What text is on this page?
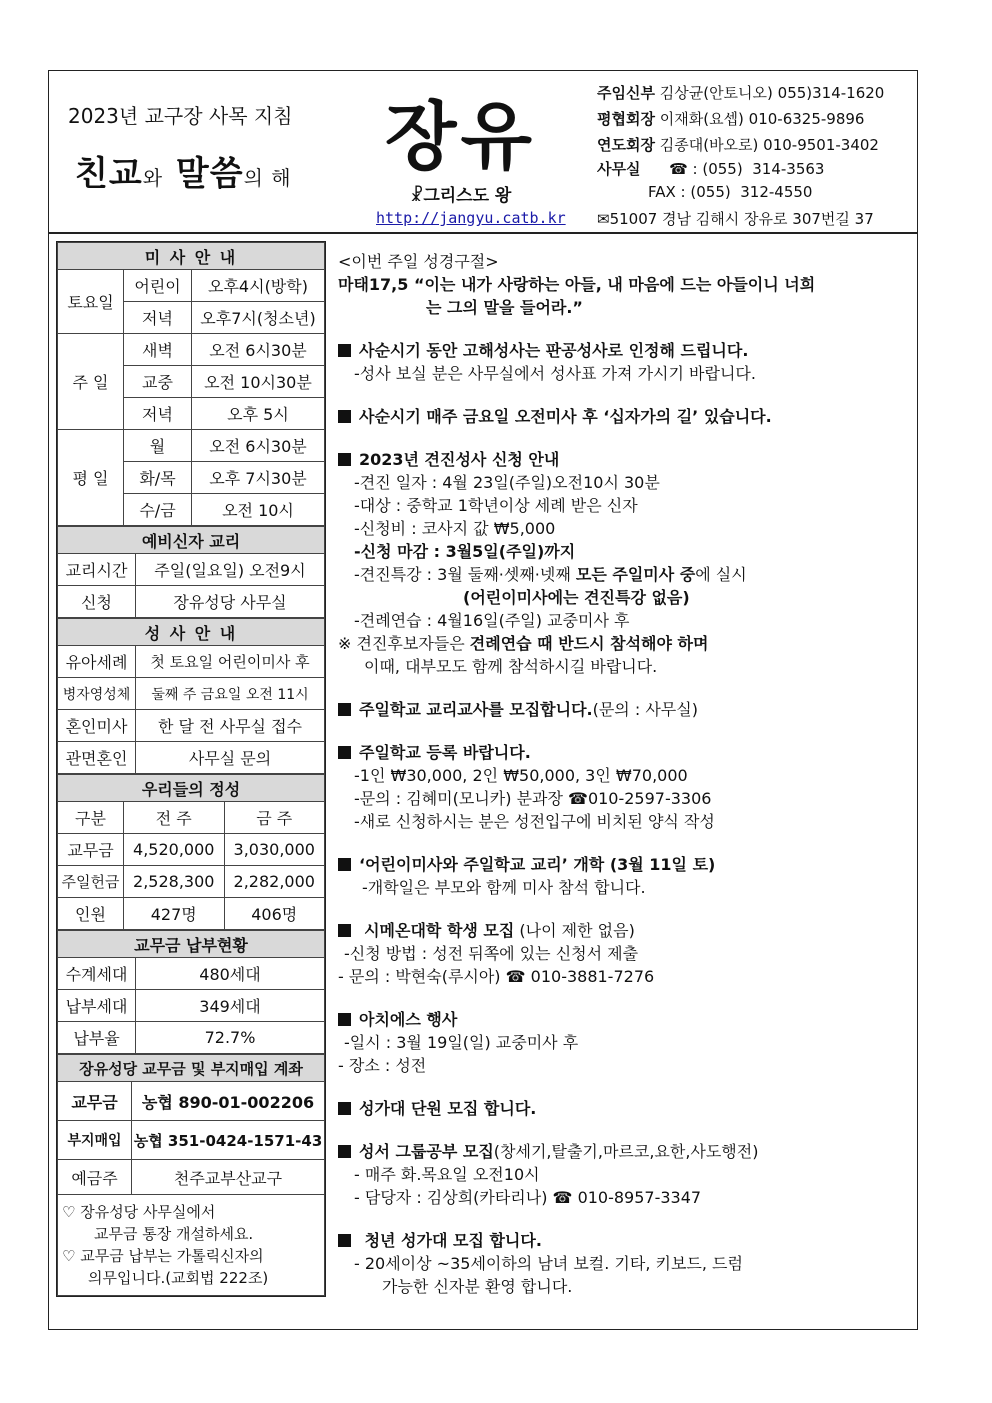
2023년 교구장 사목 지침
친교와 말씀의 해 장유
☧그리스도 왕
http://jangyu.catb.kr
주임신부 김상균(안토니오) 055)314-1620
평협회장 이재화(요셉) 010-6325-9896
연도회장 김종대(바오로) 010-9501-3402
사무실 ☎ : (055)  314-3563
FAX : (055)  312-4550
✉51007 경남 김해시 장유로 307번길 37
미 사 안 내		
토요일	어린이	오후4시(방학)
	저녁	오후7시(청소년)
주 일	새벽	오전 6시30분
	교중	오전 10시30분
	저녁	오후 5시
평 일	월	오전 6시30분
	화/목	오후 7시30분
	수/금	오전 10시
예비신자 교리	
교리시간	주일(일요일) 오전9시
신청	장유성당 사무실
성 사 안 내	
유아세례	첫 토요일 어린이미사 후
병자영성체	둘째 주 금요일 오전 11시
혼인미사	한 달 전 사무실 접수
관면혼인	사무실 문의
우리들의 정성		
구분	전 주	금 주
교무금	4,520,000	3,030,000
주일헌금	2,528,300	2,282,000
인원	427명	406명
교무금 납부현황	
수계세대	480세대
납부세대	349세대
납부율	72.7%
장유성당 교무금 및 부지매입 계좌	
교무금	농협 890-01-002206
부지매입	농협 351-0424-1571-43
예금주	천주교부산교구

♡ 장유성당 사무실에서
교무금 통장 개설하세요.
♡ 교무금 납부는 가톨릭신자의
의무입니다.(교회법 222조)	

<이번 주일 성경구절>

마태17,5 “이는 내가 사랑하는 아들, 내 마음에 드는 아들이니 너희

는 그의 말을 들어라.”

사순시기 동안 고해성사는 판공성사로 인정해 드립니다.

-성사 보실 분은 사무실에서 성사표 가져 가시기 바랍니다.

사순시기 매주 금요일 오전미사 후 ‘십자가의 길’ 있습니다.

2023년 견진성사 신청 안내

-견진 일자 : 4월 23일(주일)오전10시 30분

-대상 : 중학교 1학년이상 세례 받은 신자

-신청비 : 코사지 값 ₩5,000

-신청 마감 : 3월5일(주일)까지

-견진특강 : 3월 둘째·셋째·넷째 모든 주일미사 중에 실시

(어린이미사에는 견진특강 없음)

-견례연습 : 4월16일(주일) 교중미사 후

※ 견진후보자들은 견례연습 때 반드시 참석해야 하며

이때, 대부모도 함께 참석하시길 바랍니다.

주일학교 교리교사를 모집합니다.(문의 : 사무실)

주일학교 등록 바랍니다.

-1인 ₩30,000, 2인 ₩50,000, 3인 ₩70,000

-문의 : 김혜미(모니카) 분과장 ☎010-2597-3306

-새로 신청하시는 분은 성전입구에 비치된 양식 작성

‘어린이미사와 주일학교 교리’ 개학 (3월 11일 토)

-개학일은 부모와 함께 미사 참석 합니다.

시메온대학 학생 모집 (나이 제한 없음)

-신청 방법 : 성전 뒤쪽에 있는 신청서 제출

- 문의 : 박현숙(루시아) ☎ 010-3881-7276

아치에스 행사

-일시 : 3월 19일(일) 교중미사 후

- 장소 : 성전

성가대 단원 모집 합니다.

성서 그룹공부 모집(창세기,탈출기,마르코,요한,사도행전)

- 매주 화.목요일 오전10시

- 담당자 : 김상희(카타리나) ☎ 010-8957-3347

청년 성가대 모집 합니다.

- 20세이상 ~35세이하의 남녀 보컬. 기타, 키보드, 드럼

가능한 신자분 환영 합니다.
